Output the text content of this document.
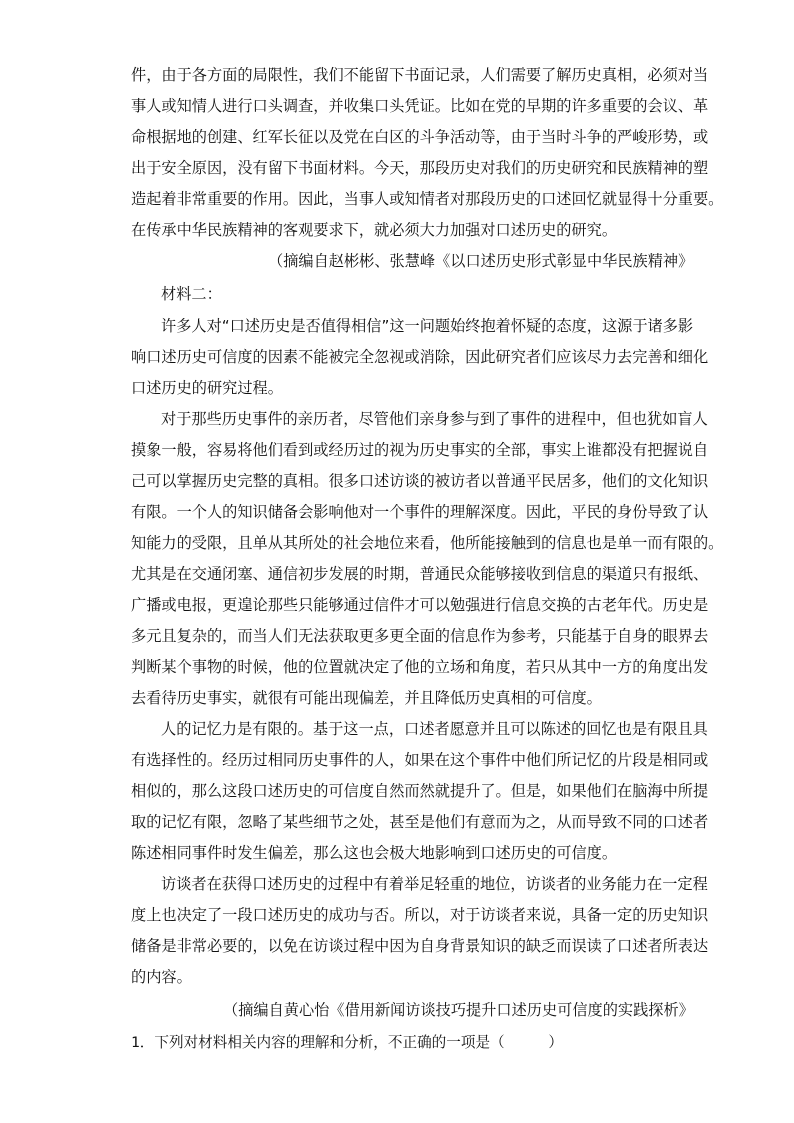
件，由于各方面的局限性，我们不能留下书面记录，人们需要了解历史真相，必须对当
事人或知情人进行口头调查，并收集口头凭证。比如在党的早期的许多重要的会议、革
命根据地的创建、红军长征以及党在白区的斗争活动等，由于当时斗争的严峻形势，或
出于安全原因，没有留下书面材料。今天，那段历史对我们的历史研究和民族精神的塑
造起着非常重要的作用。因此，当事人或知情者对那段历史的口述回忆就显得十分重要。
在传承中华民族精神的客观要求下，就必须大力加强对口述历史的研究。
（摘编自赵彬彬、张慧峰《以口述历史形式彰显中华民族精神》
材料二：
许多人对“口述历史是否值得相信”这一问题始终抱着怀疑的态度，这源于诸多影
响口述历史可信度的因素不能被完全忽视或消除，因此研究者们应该尽力去完善和细化
口述历史的研究过程。
对于那些历史事件的亲历者，尽管他们亲身参与到了事件的进程中，但也犹如盲人
摸象一般，容易将他们看到或经历过的视为历史事实的全部，事实上谁都没有把握说自
己可以掌握历史完整的真相。很多口述访谈的被访者以普通平民居多，他们的文化知识
有限。一个人的知识储备会影响他对一个事件的理解深度。因此，平民的身份导致了认
知能力的受限，且单从其所处的社会地位来看，他所能接触到的信息也是单一而有限的。
尤其是在交通闭塞、通信初步发展的时期，普通民众能够接收到信息的渠道只有报纸、
广播或电报，更遑论那些只能够通过信件才可以勉强进行信息交换的古老年代。历史是
多元且复杂的，而当人们无法获取更多更全面的信息作为参考，只能基于自身的眼界去
判断某个事物的时候，他的位置就决定了他的立场和角度，若只从其中一方的角度出发
去看待历史事实，就很有可能出现偏差，并且降低历史真相的可信度。
人的记忆力是有限的。基于这一点，口述者愿意并且可以陈述的回忆也是有限且具
有选择性的。经历过相同历史事件的人，如果在这个事件中他们所记忆的片段是相同或
相似的，那么这段口述历史的可信度自然而然就提升了。但是，如果他们在脑海中所提
取的记忆有限，忽略了某些细节之处，甚至是他们有意而为之，从而导致不同的口述者
陈述相同事件时发生偏差，那么这也会极大地影响到口述历史的可信度。
访谈者在获得口述历史的过程中有着举足轻重的地位，访谈者的业务能力在一定程
度上也决定了一段口述历史的成功与否。所以，对于访谈者来说，具备一定的历史知识
储备是非常必要的，以免在访谈过程中因为自身背景知识的缺乏而误读了口述者所表达
的内容。
（摘编自黄心怡《借用新闻访谈技巧提升口述历史可信度的实践探析》
1．下列对材料相关内容的理解和分析，不正确的一项是（　　　）
